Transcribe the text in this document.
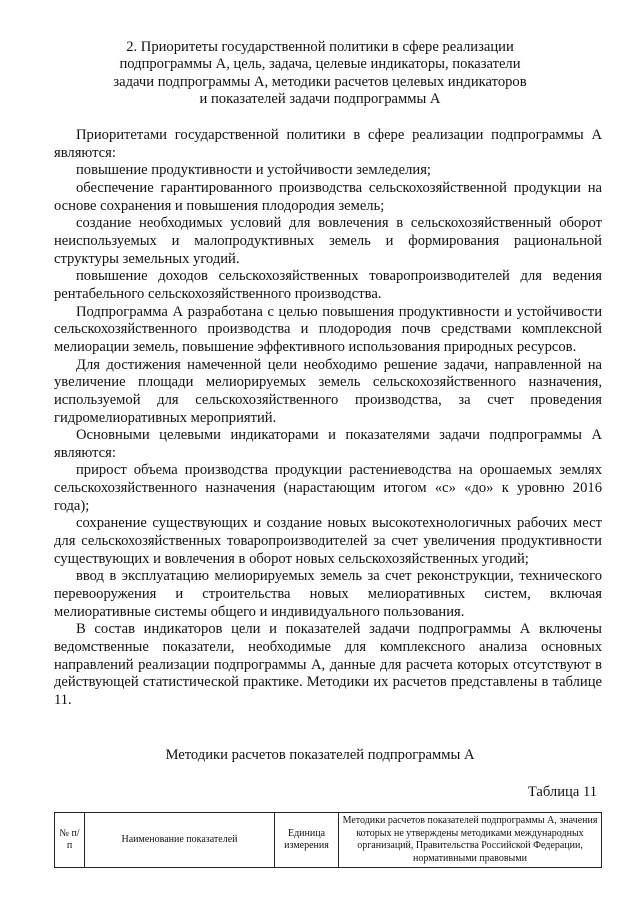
2. Приоритеты государственной политики в сфере реализации
подпрограммы А, цель, задача, целевые индикаторы, показатели
задачи подпрограммы А, методики расчетов целевых индикаторов
и показателей задачи подпрограммы А

Приоритетами государственной политики в сфере реализации подпрограммы А являются:

повышение продуктивности и устойчивости земледелия;

обеспечение гарантированного производства сельскохозяйственной продукции на основе сохранения и повышения плодородия земель;

создание необходимых условий для вовлечения в сельскохозяйственный оборот неиспользуемых и малопродуктивных земель и формирования рациональной структуры земельных угодий.

повышение доходов сельскохозяйственных товаропроизводителей для ведения рентабельного сельскохозяйственного производства.

Подпрограмма А разработана с целью повышения продуктивности и устойчивости сельскохозяйственного производства и плодородия почв средствами комплексной мелиорации земель, повышение эффективного использования природных ресурсов.

Для достижения намеченной цели необходимо решение задачи, направленной на увеличение площади мелиорируемых земель сельскохозяйственного назначения, используемой для сельскохозяйственного производства, за счет проведения гидромелиоративных мероприятий.

Основными целевыми индикаторами и показателями задачи подпрограммы А являются:

прирост объема производства продукции растениеводства на орошаемых землях сельскохозяйственного назначения (нарастающим итогом «с» «до» к уровню 2016 года);

сохранение существующих и создание новых высокотехнологичных рабочих мест для сельскохозяйственных товаропроизводителей за счет увеличения продуктивности существующих и вовлечения в оборот новых сельскохозяйственных угодий;

ввод в эксплуатацию мелиорируемых земель за счет реконструкции, технического перевооружения и строительства новых мелиоративных систем, включая мелиоративные системы общего и индивидуального пользования.

В состав индикаторов цели и показателей задачи подпрограммы А включены ведомственные показатели, необходимые для комплексного анализа основных направлений реализации подпрограммы А, данные для расчета которых отсутствуют в действующей статистической практике. Методики их расчетов представлены в таблице 11.

Методики расчетов показателей подпрограммы А
Таблица 11
№ п/п	Наименование показателей	Единица измерения	Методики расчетов показателей подпрограммы А, значения которых не утверждены методиками международных организаций, Правительства Российской Федерации, нормативными правовыми
